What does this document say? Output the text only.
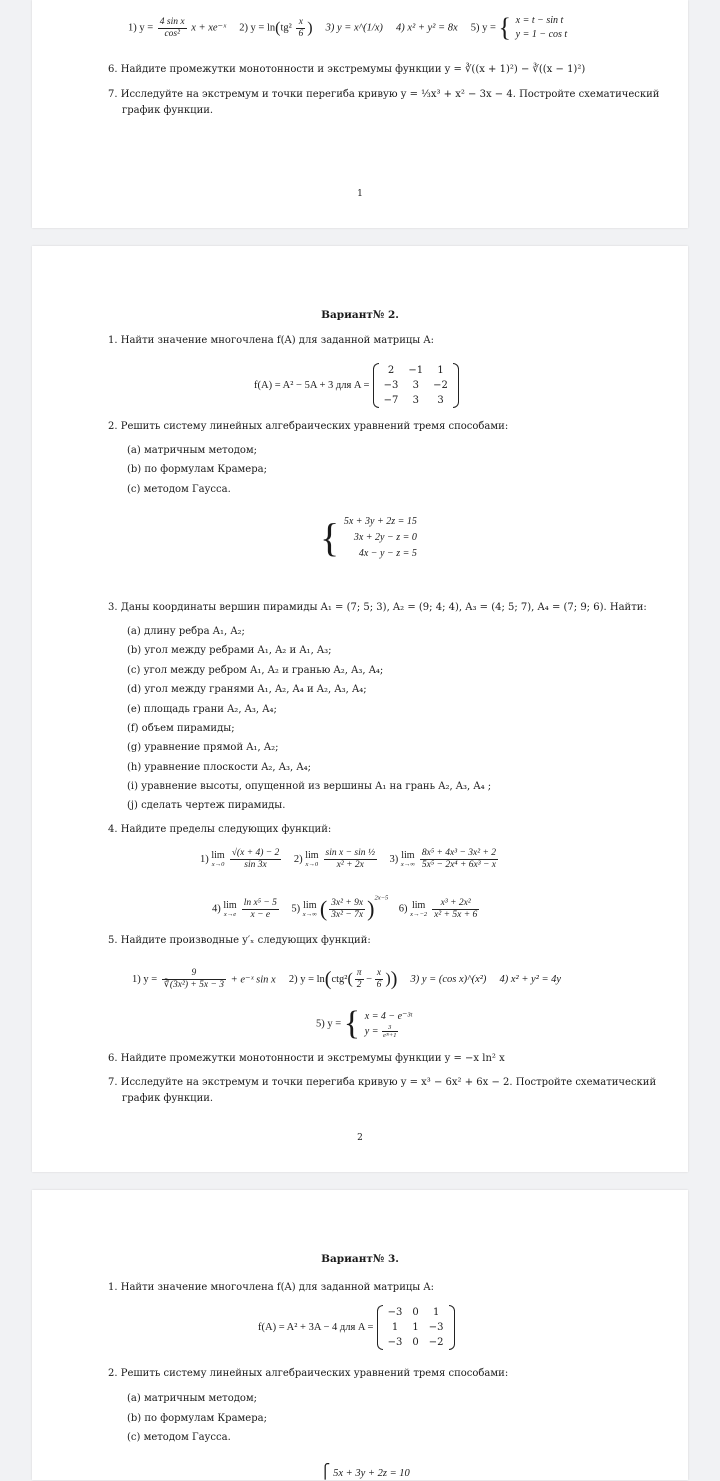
1) $y = \frac{\text{4 sin x}}{\text{cos²}}$ x + xe⁻ˣ 2) $y = \ln(tg^2 \frac{x}{6}$ ) 3) y = x^(1/x) 4) x² + y² = 8x 5) y = { x = t − sin t
y = 1 − cos t
6. Найдите промежутки монотонности и экстремумы функции y = ∛((x + 1)²) − ∛((x − 1)²)
7. Исследуйте на экстремум и точки перегиба кривую y = ⅓x³ + x² − 3x − 4. Постройте схематический
график функции.
1
Вариант№ 2.
1. Найти значение многочлена f(A) для заданной матрицы A:
f(A) = A² − 5A + 3 для A =
2	−1	1
−3	3	−2
−7	3	3
2. Решить систему линейных алгебраических уравнений тремя способами:
(a) матричным методом;
(b) по формулам Крамера;
(c) методом Гаусса.
{ 5x + 3y + 2z = 15
3x + 2y − z = 0
4x − y − z = 5
3. Даны координаты вершин пирамиды A₁ = (7; 5; 3), A₂ = (9; 4; 4), A₃ = (4; 5; 7), A₄ = (7; 9; 6). Найти:
(a) длину ребра A₁, A₂;
(b) угол между ребрами A₁, A₂ и A₁, A₃;
(c) угол между ребром A₁, A₂ и гранью A₂, A₃, A₄;
(d) угол между гранями A₁, A₂, A₄ и A₂, A₃, A₄;
(e) площадь грани A₂, A₃, A₄;
(f) объем пирамиды;
(g) уравнение прямой A₁, A₂;
(h) уравнение плоскости A₂, A₃, A₄;
(i) уравнение высоты, опущенной из вершины A₁ на грань A₂, A₃, A₄ ;
(j) сделать чертеж пирамиды.
4. Найдите пределы следующих функций:
1) lim
$x\to 0 \frac{√(x + 4) - 2}{\sin 3x} 2$) lim
$x\to 0 \frac{\text{sin x − sin ½}}{\text{x² + 2x}} 3$) lim
$x\to\infty \frac{\text{8x⁵ + 4x³ − 3x² + 2}}{\text{5x⁵ − 2x⁴ + 6x³ − x}}$
4) lim
$x\to e \frac{\text{ln x⁵ − 5}}{x - e} 5$) lim
x→∞ ( $\frac{\text{3x² + 9x}}{\text{3x² − 7x}} )^{2x-5}$    6) lim
$x\to-2 \frac{\text{x³ + 2x²}}{\text{x² + 5x + 6}}$
5. Найдите производные y′ₓ следующих функций:
1) $y = \frac{9}{\text{∛(3x²) + 5x − 3}}$ + e⁻ˣ sin x 2) $y = \ln(ctg^2( \frac{\pi}{2} - \frac{x}{6}$ )) 3) y = (cos x)^(x²) 4) x² + y² = 4y
5) y = { x = 4 − e⁻³ᵗ
$y = \frac{3}{\text{e³ᵗ+1}}$
6. Найдите промежутки монотонности и экстремумы функции y = −x ln² x
7. Исследуйте на экстремум и точки перегиба кривую y = x³ − 6x² + 6x − 2. Постройте схематический
график функции.
2
Вариант№ 3.
1. Найти значение многочлена f(A) для заданной матрицы A:
f(A) = A² + 3A − 4 для A =
−3	0	1
1	1	−3
−3	0	−2
2. Решить систему линейных алгебраических уравнений тремя способами:
(a) матричным методом;
(b) по формулам Крамера;
(c) методом Гаусса.
⎧ 5x + 3y + 2z = 10
